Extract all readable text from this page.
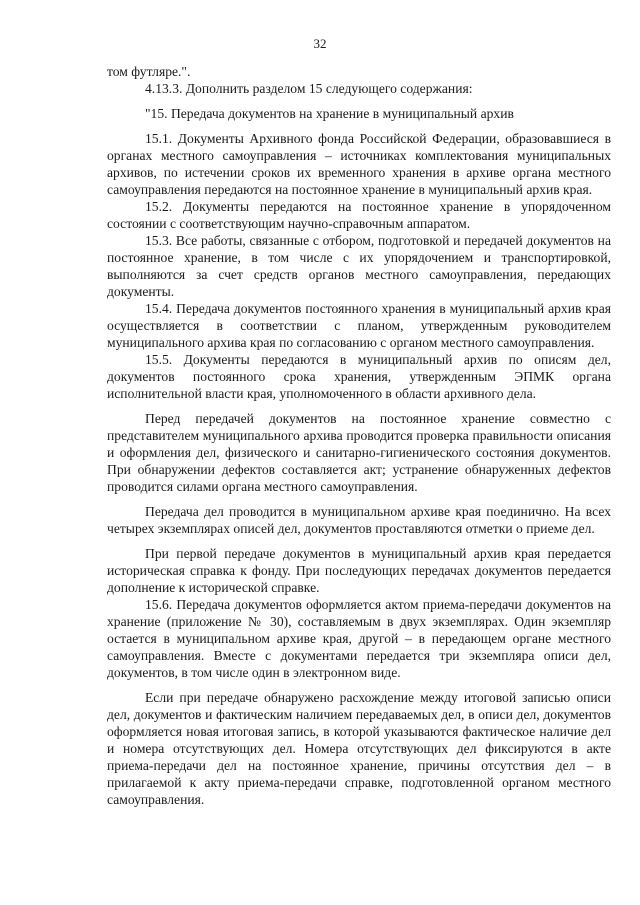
32

том футляре.".

4.13.3. Дополнить разделом 15 следующего содержания:

"15. Передача документов на хранение в муниципальный архив

15.1. Документы Архивного фонда Российской Федерации, образовавшиеся в органах местного самоуправления – источниках комплектования муниципальных архивов, по истечении сроков их временного хранения в архиве органа местного самоуправления передаются на постоянное хранение в муниципальный архив края.

15.2. Документы передаются на постоянное хранение в упорядоченном состоянии с соответствующим научно-справочным аппаратом.

15.3. Все работы, связанные с отбором, подготовкой и передачей документов на постоянное хранение, в том числе с их упорядочением и транспортировкой, выполняются за счет средств органов местного самоуправления, передающих документы.

15.4. Передача документов постоянного хранения в муниципальный архив края осуществляется в соответствии с планом, утвержденным руководителем муниципального архива края по согласованию с органом местного самоуправления.

15.5. Документы передаются в муниципальный архив по описям дел, документов постоянного срока хранения, утвержденным ЭПМК органа исполнительной власти края, уполномоченного в области архивного дела.

Перед передачей документов на постоянное хранение совместно с представителем муниципального архива проводится проверка правильности описания и оформления дел, физического и санитарно-гигиенического состояния документов. При обнаружении дефектов составляется акт; устранение обнаруженных дефектов проводится силами органа местного самоуправления.

Передача дел проводится в муниципальном архиве края поединично. На всех четырех экземплярах описей дел, документов проставляются отметки о приеме дел.

При первой передаче документов в муниципальный архив края передается историческая справка к фонду. При последующих передачах документов передается дополнение к исторической справке.

15.6. Передача документов оформляется актом приема-передачи документов на хранение (приложение № 30), составляемым в двух экземплярах. Один экземпляр остается в муниципальном архиве края, другой – в передающем органе местного самоуправления. Вместе с документами передается три экземпляра описи дел, документов, в том числе один в электронном виде.

Если при передаче обнаружено расхождение между итоговой записью описи дел, документов и фактическим наличием передаваемых дел, в описи дел, документов оформляется новая итоговая запись, в которой указываются фактическое наличие дел и номера отсутствующих дел. Номера отсутствующих дел фиксируются в акте приема-передачи дел на постоянное хранение, причины отсутствия дел – в прилагаемой к акту приема-передачи справке, подготовленной органом местного самоуправления.
